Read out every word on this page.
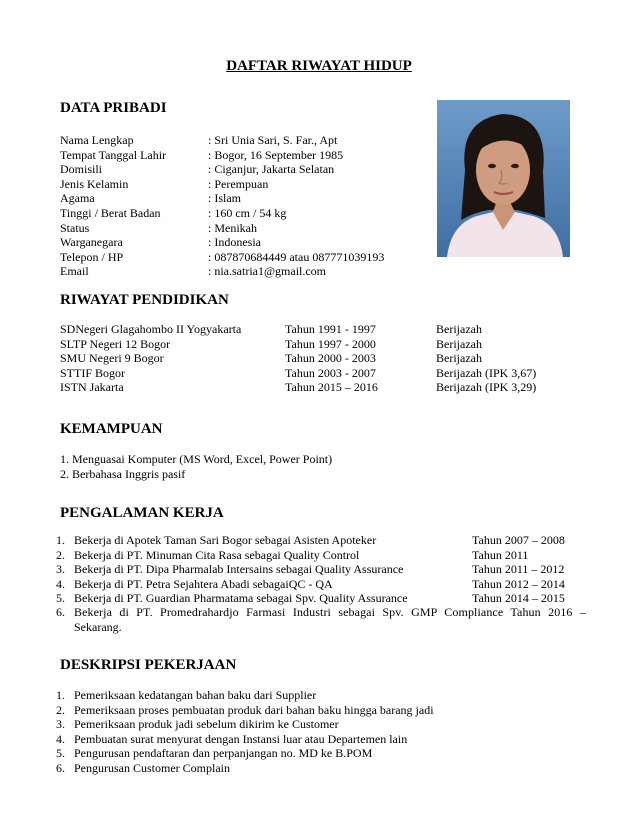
DAFTAR RIWAYAT HIDUP
DATA PRIBADI
Nama Lengkap	: Sri Unia Sari, S. Far., Apt
Tempat Tanggal Lahir	: Bogor, 16 September 1985
Domisili	: Ciganjur, Jakarta Selatan
Jenis Kelamin	: Perempuan
Agama	: Islam
Tinggi / Berat Badan	: 160 cm / 54 kg
Status	: Menikah
Warganegara	: Indonesia
Telepon / HP	: 087870684449 atau 087771039193
Email	: nia.satria1@gmail.com
RIWAYAT PENDIDIKAN
SDNegeri Glagahombo II Yogyakarta	Tahun 1991 - 1997	Berijazah
SLTP Negeri 12 Bogor	Tahun 1997 - 2000	Berijazah
SMU Negeri 9 Bogor	Tahun 2000 - 2003	Berijazah
STTIF Bogor	Tahun 2003 - 2007	Berijazah (IPK 3,67)
ISTN Jakarta	Tahun 2015 – 2016	Berijazah (IPK 3,29)
KEMAMPUAN
1. Menguasai Komputer (MS Word, Excel, Power Point)
2. Berbahasa Inggris pasif
PENGALAMAN KERJA
1. Bekerja di Apotek Taman Sari Bogor sebagai Asisten Apoteker	Tahun 2007 – 2008
2. Bekerja di PT. Minuman Cita Rasa sebagai Quality Control	Tahun 2011
3. Bekerja di PT. Dipa Pharmalab Intersains sebagai Quality Assurance	Tahun 2011 – 2012
4. Bekerja di PT. Petra Sejahtera Abadi sebagaiQC - QA	Tahun 2012 – 2014
5. Bekerja di PT. Guardian Pharmatama sebagai Spv. Quality Assurance	Tahun 2014 – 2015
6. Bekerja di PT. Promedrahardjo Farmasi Industri sebagai Spv. GMP Compliance Tahun 2016 –
Sekarang.
DESKRIPSI PEKERJAAN
1. Pemeriksaan kedatangan bahan baku dari Supplier
2. Pemeriksaan proses pembuatan produk dari bahan baku hingga barang jadi
3. Pemeriksaan produk jadi sebelum dikirim ke Customer
4. Pembuatan surat menyurat dengan Instansi luar atau Departemen lain
5. Pengurusan pendaftaran dan perpanjangan no. MD ke B.POM
6. Pengurusan Customer Complain
